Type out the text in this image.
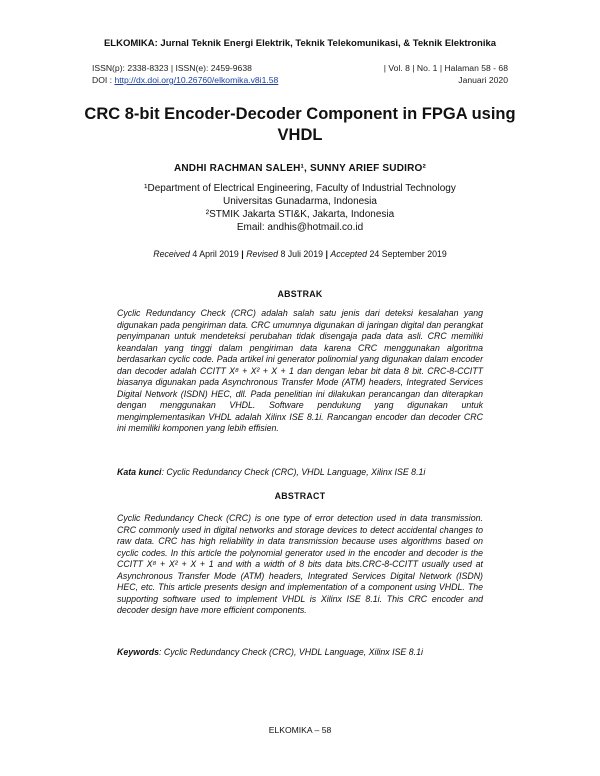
ELKOMIKA: Jurnal Teknik Energi Elektrik, Teknik Telekomunikasi, & Teknik Elektronika
ISSN(p): 2338-8323 | ISSN(e): 2459-9638	| Vol. 8 | No. 1 | Halaman 58 - 68
DOI : http://dx.doi.org/10.26760/elkomika.v8i1.58	Januari 2020
CRC 8-bit Encoder-Decoder Component in FPGA using VHDL
ANDHI RACHMAN SALEH¹, SUNNY ARIEF SUDIRO²
¹Department of Electrical Engineering, Faculty of Industrial Technology
Universitas Gunadarma, Indonesia
²STMIK Jakarta STI&K, Jakarta, Indonesia
Email: andhis@hotmail.co.id
Received 4 April 2019 | Revised 8 Juli 2019 | Accepted 24 September 2019
ABSTRAK
Cyclic Redundancy Check (CRC) adalah salah satu jenis dari deteksi kesalahan yang digunakan pada pengiriman data. CRC umumnya digunakan di jaringan digital dan perangkat penyimpanan untuk mendeteksi perubahan tidak disengaja pada data asli. CRC memiliki keandalan yang tinggi dalam pengiriman data karena CRC menggunakan algoritma berdasarkan cyclic code. Pada artikel ini generator polinomial yang digunakan dalam encoder dan decoder adalah CCITT X⁸ + X² + X + 1 dan dengan lebar bit data 8 bit. CRC-8-CCITT biasanya digunakan pada Asynchronous Transfer Mode (ATM) headers, Integrated Services Digital Network (ISDN) HEC, dll. Pada penelitian ini dilakukan perancangan dan diterapkan dengan menggunakan VHDL. Software pendukung yang digunakan untuk mengimplementasikan VHDL adalah Xilinx ISE 8.1i. Rancangan encoder dan decoder CRC ini memiliki komponen yang lebih effisien.
Kata kunci: Cyclic Redundancy Check (CRC), VHDL Language, Xilinx ISE 8.1i
ABSTRACT
Cyclic Redundancy Check (CRC) is one type of error detection used in data transmission. CRC commonly used in digital networks and storage devices to detect accidental changes to raw data. CRC has high reliability in data transmission because uses algorithms based on cyclic codes. In this article the polynomial generator used in the encoder and decoder is the CCITT X⁸ + X² + X + 1 and with a width of 8 bits data bits.CRC-8-CCITT usually used at Asynchronous Transfer Mode (ATM) headers, Integrated Services Digital Network (ISDN) HEC, etc. This article presents design and implementation of a component using VHDL. The supporting software used to implement VHDL is Xilinx ISE 8.1i. This CRC encoder and decoder design have more efficient components.
Keywords: Cyclic Redundancy Check (CRC), VHDL Language, Xilinx ISE 8.1i
ELKOMIKA – 58
